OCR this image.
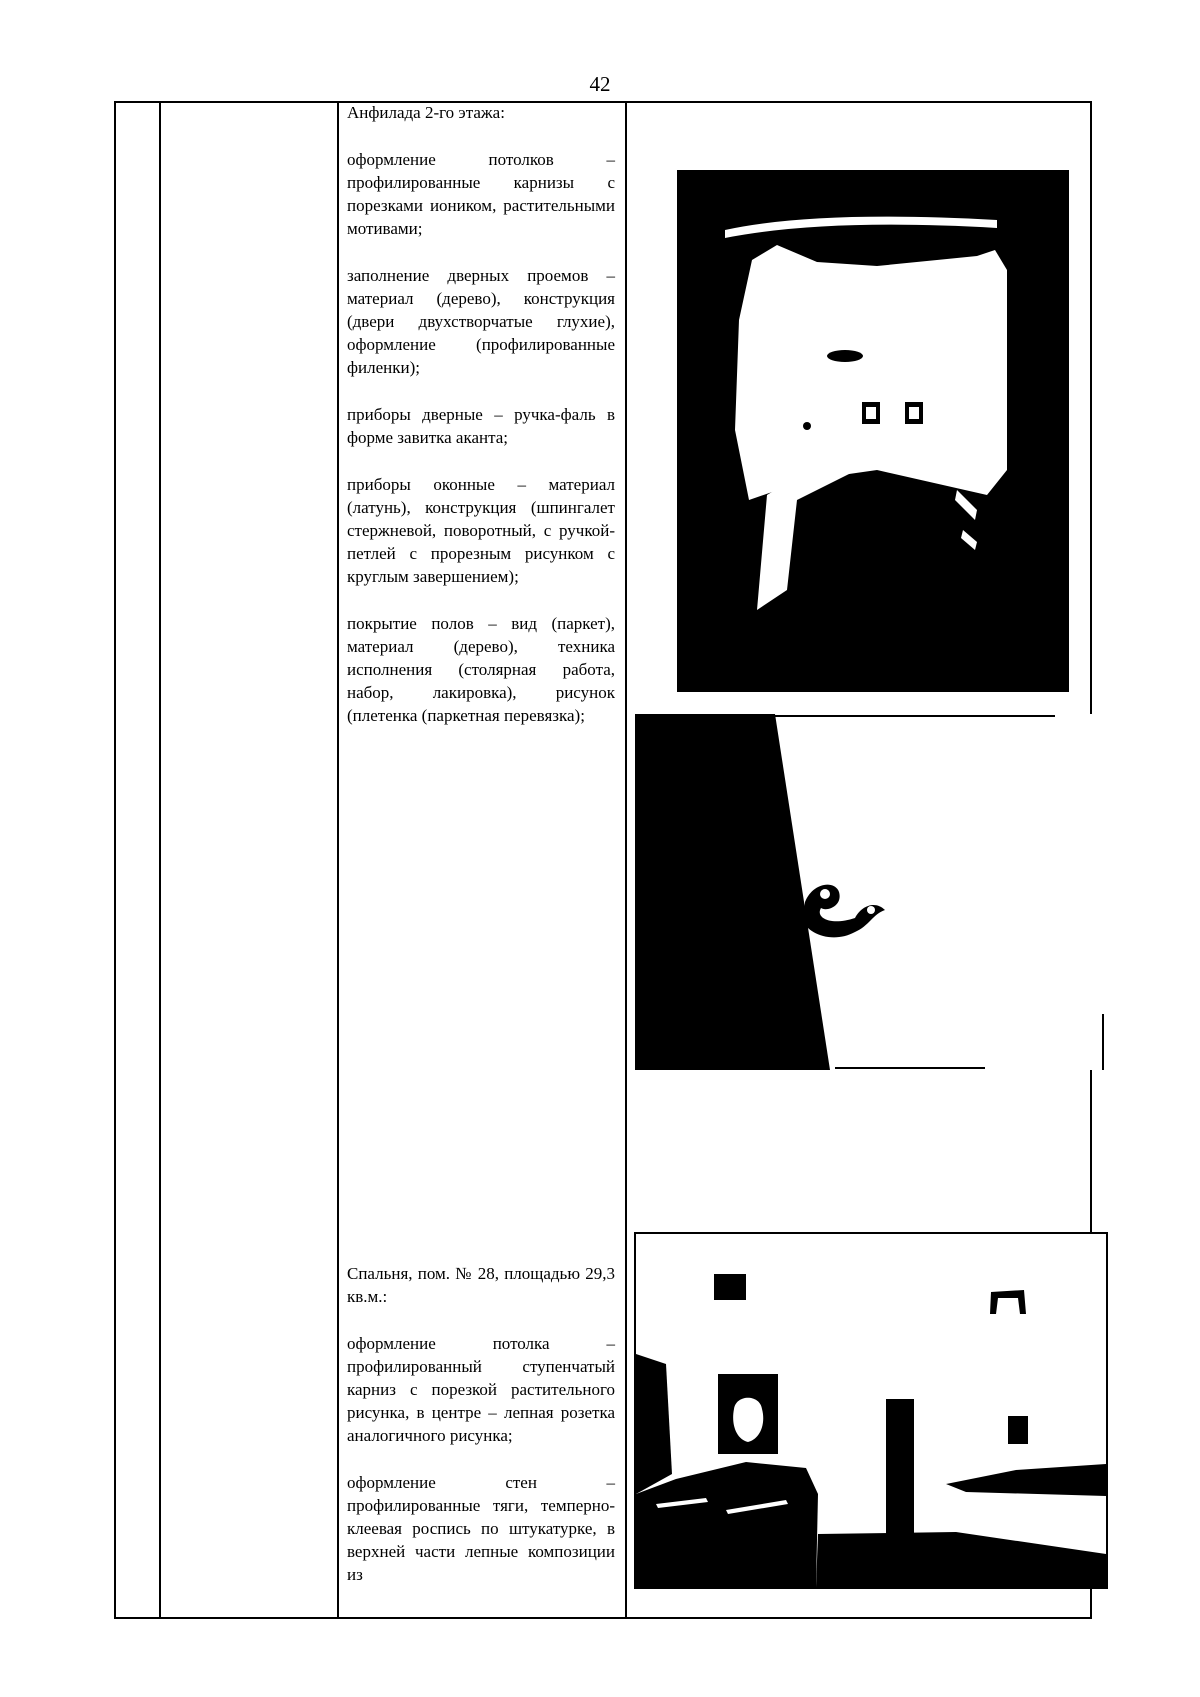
42

Анфилада 2-го этажа:

оформление потолков – профилированные карнизы с порезками иоником, растительными мотивами;

заполнение дверных проемов – материал (дерево), конструкция (двери двухстворчатые глухие), оформление (профилированные филенки);

приборы дверные – ручка-фаль в форме завитка аканта;

приборы оконные – материал (латунь), конструкция (шпингалет стержневой, поворотный, с ручкой-петлей с прорезным рисунком с круглым завершением);

покрытие полов – вид (паркет), материал (дерево), техника исполнения (столярная работа, набор, лакировка), рисунок (плетенка (паркетная перевязка);

Спальня, пом. № 28, площадью 29,3 кв.м.:

оформление потолка – профилированный ступенчатый карниз с порезкой растительного рисунка, в центре – лепная розетка аналогичного рисунка;

оформление стен – профилированные тяги, темперно-клеевая роспись по штукатурке, в верхней части лепные композиции из
